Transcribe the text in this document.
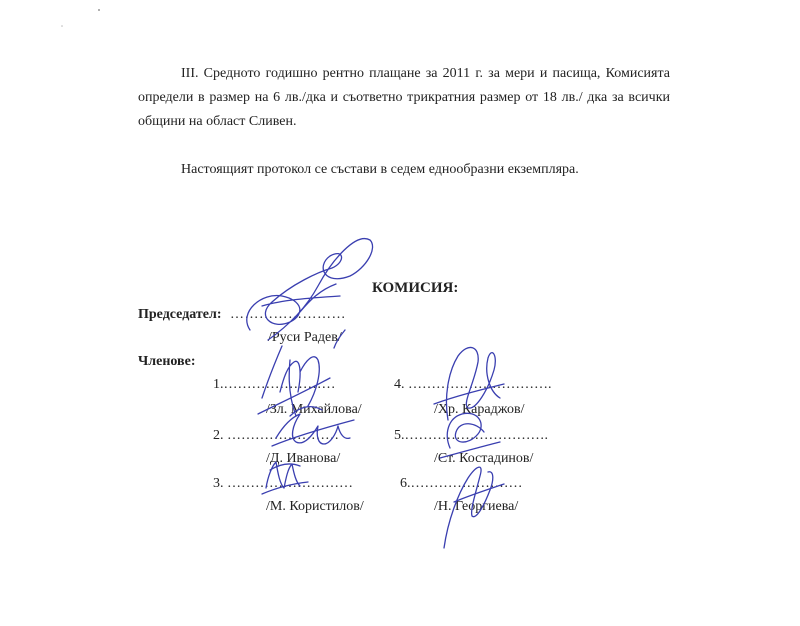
III. Средното годишно рентно плащане за 2011 г. за мери и пасища, Комисията определи в размер на 6 лв./дка и съответно трикратния размер от 18 лв./ дка за всички общини на област Сливен.

Настоящият протокол се състави в седем еднообразни екземпляра.

КОМИСИЯ:
Председател: ……………………
/Руси Радев/
Членове:
1.……………………
/Зл. Михайлова/
2. ……………………
/Д. Иванова/
3. ………………………
/М. Користилов/
4. ………………………….
/Хр. Караджов/
5.………………………….
/Ст. Костадинов/
6.……………………
/Н. Георгиева/
